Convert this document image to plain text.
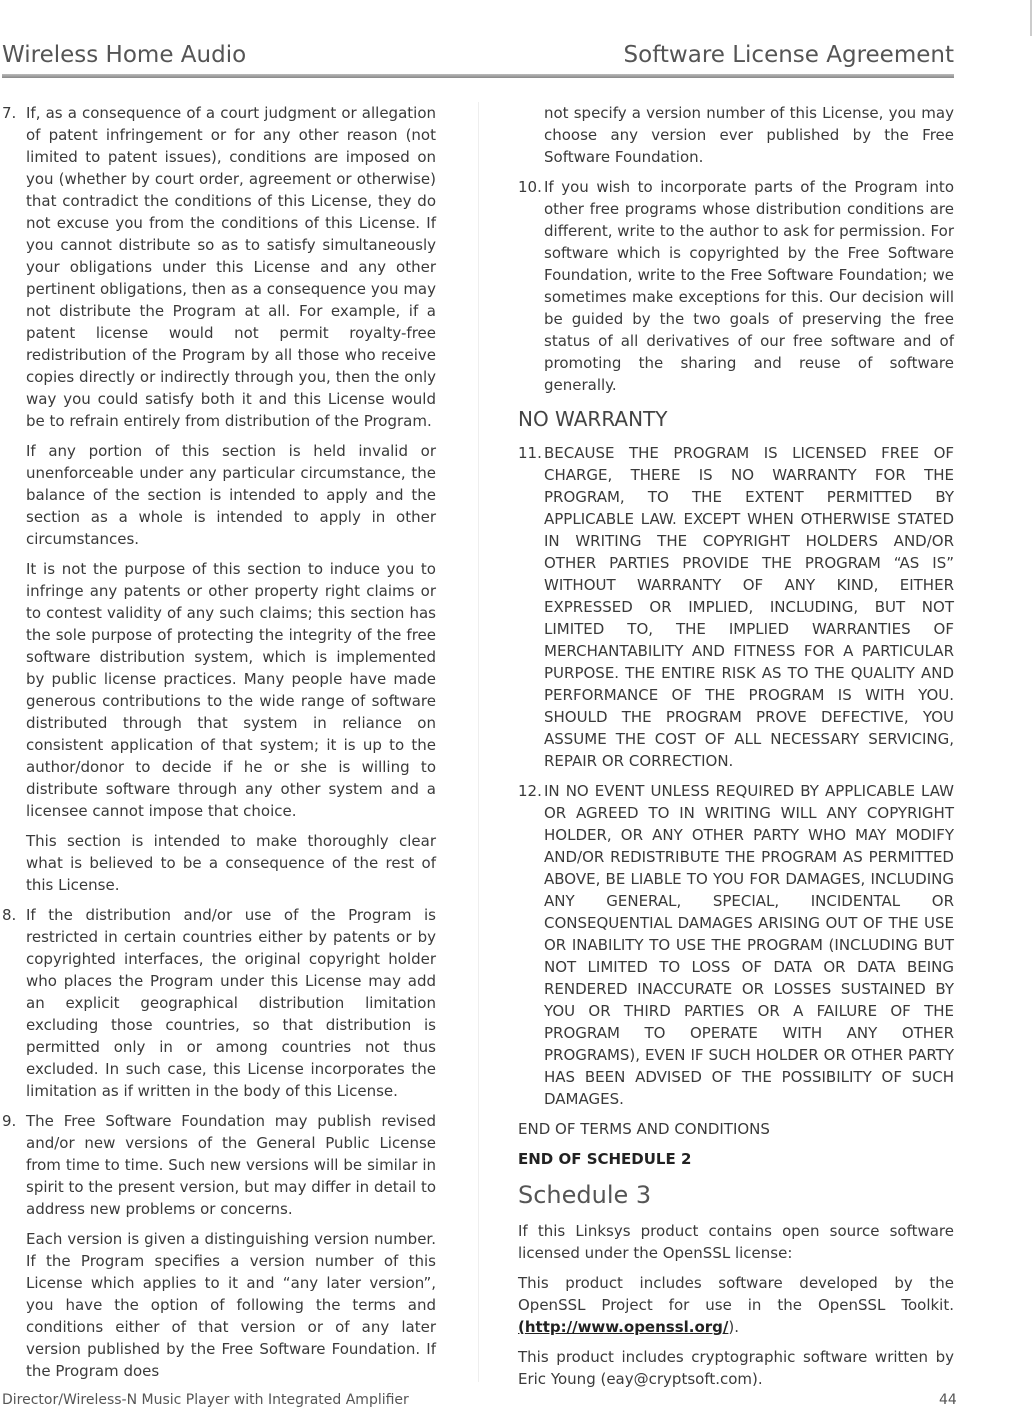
Wireless Home Audio	Software License Agreement
7. If, as a consequence of a court judgment or allegation of patent infringement or for any other reason (not limited to patent issues), conditions are imposed on you (whether by court order, agreement or otherwise) that contradict the conditions of this License, they do not excuse you from the conditions of this License. If you cannot distribute so as to satisfy simultaneously your obligations under this License and any other pertinent obligations, then as a consequence you may not distribute the Program at all. For example, if a patent license would not permit royalty-free redistribution of the Program by all those who receive copies directly or indirectly through you, then the only way you could satisfy both it and this License would be to refrain entirely from distribution of the Program.
If any portion of this section is held invalid or unenforceable under any particular circumstance, the balance of the section is intended to apply and the section as a whole is intended to apply in other circumstances.
It is not the purpose of this section to induce you to infringe any patents or other property right claims or to contest validity of any such claims; this section has the sole purpose of protecting the integrity of the free software distribution system, which is implemented by public license practices. Many people have made generous contributions to the wide range of software distributed through that system in reliance on consistent application of that system; it is up to the author/donor to decide if he or she is willing to distribute software through any other system and a licensee cannot impose that choice.
This section is intended to make thoroughly clear what is believed to be a consequence of the rest of this License.
8. If the distribution and/or use of the Program is restricted in certain countries either by patents or by copyrighted interfaces, the original copyright holder who places the Program under this License may add an explicit geographical distribution limitation excluding those countries, so that distribution is permitted only in or among countries not thus excluded. In such case, this License incorporates the limitation as if written in the body of this License.
9. The Free Software Foundation may publish revised and/or new versions of the General Public License from time to time. Such new versions will be similar in spirit to the present version, but may differ in detail to address new problems or concerns.
Each version is given a distinguishing version number. If the Program specifies a version number of this License which applies to it and “any later version”, you have the option of following the terms and conditions either of that version or of any later version published by the Free Software Foundation. If the Program does
not specify a version number of this License, you may choose any version ever published by the Free Software Foundation.
10. If you wish to incorporate parts of the Program into other free programs whose distribution conditions are different, write to the author to ask for permission. For software which is copyrighted by the Free Software Foundation, write to the Free Software Foundation; we sometimes make exceptions for this. Our decision will be guided by the two goals of preserving the free status of all derivatives of our free software and of promoting the sharing and reuse of software generally.
NO WARRANTY
11. BECAUSE THE PROGRAM IS LICENSED FREE OF CHARGE, THERE IS NO WARRANTY FOR THE PROGRAM, TO THE EXTENT PERMITTED BY APPLICABLE LAW. EXCEPT WHEN OTHERWISE STATED IN WRITING THE COPYRIGHT HOLDERS AND/OR OTHER PARTIES PROVIDE THE PROGRAM “AS IS” WITHOUT WARRANTY OF ANY KIND, EITHER EXPRESSED OR IMPLIED, INCLUDING, BUT NOT LIMITED TO, THE IMPLIED WARRANTIES OF MERCHANTABILITY AND FITNESS FOR A PARTICULAR PURPOSE. THE ENTIRE RISK AS TO THE QUALITY AND PERFORMANCE OF THE PROGRAM IS WITH YOU. SHOULD THE PROGRAM PROVE DEFECTIVE, YOU ASSUME THE COST OF ALL NECESSARY SERVICING, REPAIR OR CORRECTION.
12. IN NO EVENT UNLESS REQUIRED BY APPLICABLE LAW OR AGREED TO IN WRITING WILL ANY COPYRIGHT HOLDER, OR ANY OTHER PARTY WHO MAY MODIFY AND/OR REDISTRIBUTE THE PROGRAM AS PERMITTED ABOVE, BE LIABLE TO YOU FOR DAMAGES, INCLUDING ANY GENERAL, SPECIAL, INCIDENTAL OR CONSEQUENTIAL DAMAGES ARISING OUT OF THE USE OR INABILITY TO USE THE PROGRAM (INCLUDING BUT NOT LIMITED TO LOSS OF DATA OR DATA BEING RENDERED INACCURATE OR LOSSES SUSTAINED BY YOU OR THIRD PARTIES OR A FAILURE OF THE PROGRAM TO OPERATE WITH ANY OTHER PROGRAMS), EVEN IF SUCH HOLDER OR OTHER PARTY HAS BEEN ADVISED OF THE POSSIBILITY OF SUCH DAMAGES.
END OF TERMS AND CONDITIONS
END OF SCHEDULE 2
Schedule 3
If this Linksys product contains open source software licensed under the OpenSSL license:
This product includes software developed by the OpenSSL Project for use in the OpenSSL Toolkit. (http://www.openssl.org/).
This product includes cryptographic software written by Eric Young (eay@cryptsoft.com).
Director/Wireless-N Music Player with Integrated Amplifier	44
